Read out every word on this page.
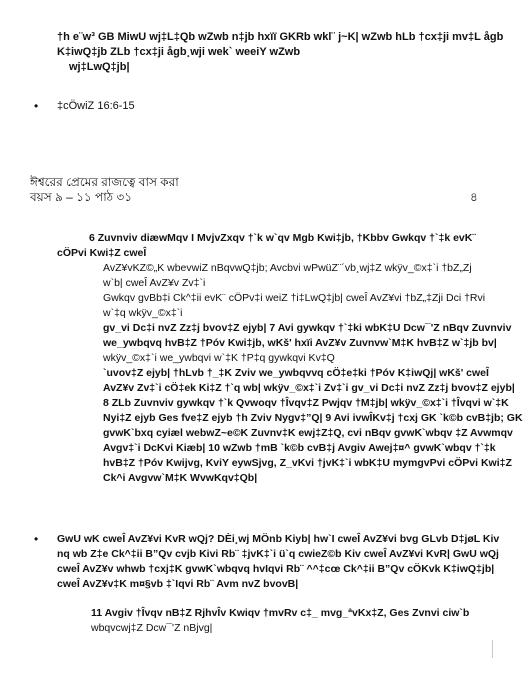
†h e¨w³ GB MiwU wj‡L‡Qb wZwb n‡jb hxïï GKRb wkl¨ j~K| wZwb hLb †cx‡ji mv‡L ågb

K‡iwQ‡jb ZLb †cx‡ji ågb¸wji wek` weeiY wZwb

wj‡LwQ‡jb|

• ‡cÖwiZ 16:6-15
ঈশ্বরের প্রেমের রাজত্বে বাস করা
বয়স ৯ – ১১ পাঠ ৩১	৪

6 Zuvnviv diæwMqv I MvjvZxqv †`k w`qv Mgb Kwi‡jb, †Kbbv Gwkqv †`‡k evK¨

cÖPvi Kwi‡Z cweÎ

AvZ¥vKZ©„K wbevwiZ nBqvwQ‡jb; Avcbvi wPwüZ¨´vb¸wj‡Z wkÿv_©x‡`i †bZ„Zj

w`b| cweÎ AvZ¥v Zv‡`i

Gwkqv gvBb‡i Ck^‡ii evK¨ cÖPv‡i weiZ †i‡LwQ‡jb| cweÎ AvZ¥vi †bZ„‡Zji Dci †Rvi

w`‡q wkÿv_©x‡`i

gv_vi Dc‡i nvZ Zz‡j bvov‡Z ejyb| 7 Avi gywkqv †`‡ki wbK‡U Dcw¯'Z nBqv Zuvnviv

we_ywbqvq hvB‡Z †Póv Kwi‡jb, wKš' hxïi AvZ¥v Zuvnvw`M‡K hvB‡Z w`‡jb bv|

wkÿv_©x‡`i we_ywbqvi w`‡K †P‡q gywkqvi Kv‡Q

`uvov‡Z ejyb| †hLvb †_‡K Zviv we_ywbqvvq cÖ‡e‡ki †Póv K‡iwQj| wKš' cweÎ

AvZ¥v Zv‡`i cÖ‡ek Ki‡Z †`q wb| wkÿv_©x‡`i Zv‡`i gv_vi Dc‡i nvZ Zz‡j bvov‡Z ejyb|

8 ZLb Zuvnviv gywkqv †`k Qvwoqv †Îvqv‡Z Pwjqv †M‡jb| wkÿv_©x‡`i †Îvqvi w`‡K

Nyi‡Z ejyb Ges fve‡Z ejyb †h Zviv Nygv‡”Q| 9 Avi ivwÎKv‡j †cxj GK `k©b cvB‡jb; GK

gvwK`bxq cyiæl webwZ~e©K Zuvnv‡K ewj‡Z‡Q, cvi nBqv gvwK`wbqv ‡Z Avwmqv

Avgv‡`i DcKvi Kiæb| 10 wZwb †mB `k©b cvB‡j Avgiv Awej‡¤^ gvwK`wbqv †`‡k

hvB‡Z †Póv Kwijvg, KviY eywSjvg, Z_vKvi †jvK‡`i wbK‡U mymgvPvi cÖPvi Kwi‡Z

Ck^i Avgvw`M‡K WvwKqv‡Qb|

• GwU wK cweÎ AvZ¥vi KvR wQj? DÈi¸wj MÖnb Kiyb| hw`I cweÎ AvZ¥vi bvg GLvb D‡jøL Kiv

nq wb Z‡e Ck^‡ii B”Qv cvjb Kivi Rb¨ ‡jvK‡`i ü`q cwieZ©b Kiv cweÎ AvZ¥vi KvR| GwU wQj

cweÎ AvZ¥v whwb †cxj‡K gvwK`wbqvq hvIqvi Rb¨ ^^‡cœ Ck^‡ii B”Qv cÖKvk K‡iwQ‡jb|

cweÎ AvZ¥v‡K m¤§vb ‡`Iqvi Rb¨ Avm nvZ bvovB|

11 Avgiv †Îvqv nB‡Z RjhvÎv Kwiqv †mvRv c‡_ mvg_ªvKx‡Z, Ges Zvnvi ciw`b

wbqvcwj‡Z Dcw¯'Z nBjvg|
